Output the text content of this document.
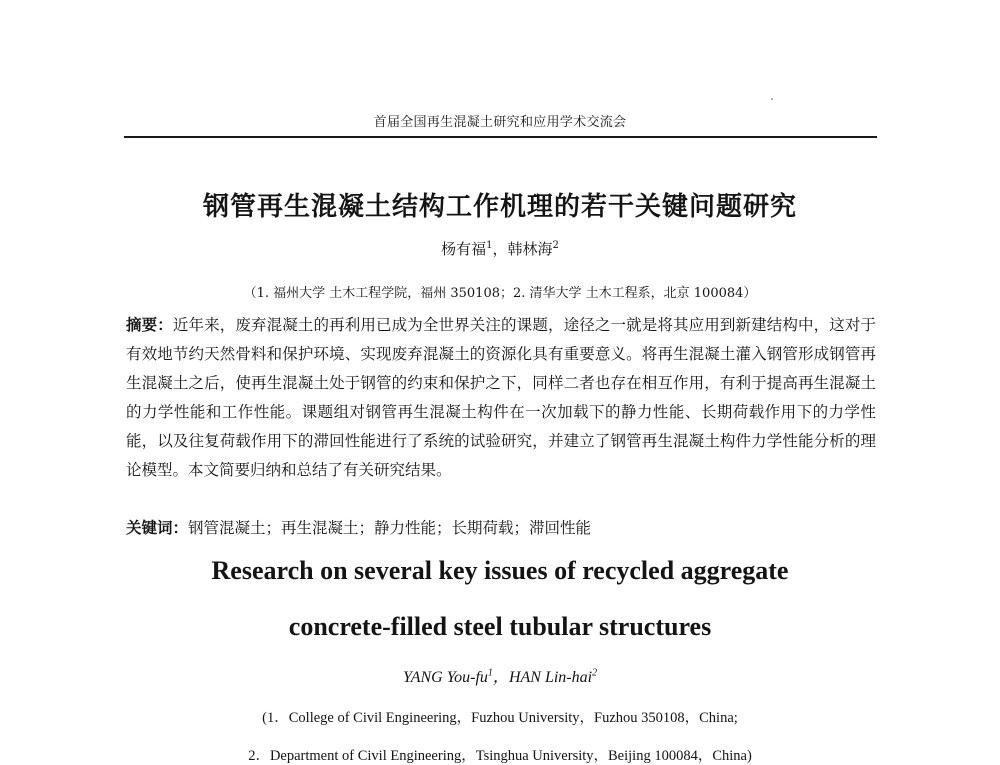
首届全国再生混凝土研究和应用学术交流会
钢管再生混凝土结构工作机理的若干关键问题研究
杨有福$^1$，韩林海$^2$
（1. 福州大学 土木工程学院，福州 350108；2. 清华大学 土木工程系，北京 100084）
摘要：近年来，废弃混凝土的再利用已成为全世界关注的课题，途径之一就是将其应用到新建结构中，这对于有效地节约天然骨料和保护环境、实现废弃混凝土的资源化具有重要意义。将再生混凝土灌入钢管形成钢管再生混凝土之后，使再生混凝土处于钢管的约束和保护之下，同样二者也存在相互作用，有利于提高再生混凝土的力学性能和工作性能。课题组对钢管再生混凝土构件在一次加载下的静力性能、长期荷载作用下的力学性能，以及往复荷载作用下的滞回性能进行了系统的试验研究，并建立了钢管再生混凝土构件力学性能分析的理论模型。本文简要归纳和总结了有关研究结果。
关键词：钢管混凝土；再生混凝土；静力性能；长期荷载；滞回性能
Research on several key issues of recycled aggregate
concrete-filled steel tubular structures
YANG You-$fu^1$，HAN Lin-hai$^2$
(1．College of Civil Engineering，Fuzhou University，Fuzhou 350108，China;
2．Department of Civil Engineering，Tsinghua University，Beijing 100084，China)
